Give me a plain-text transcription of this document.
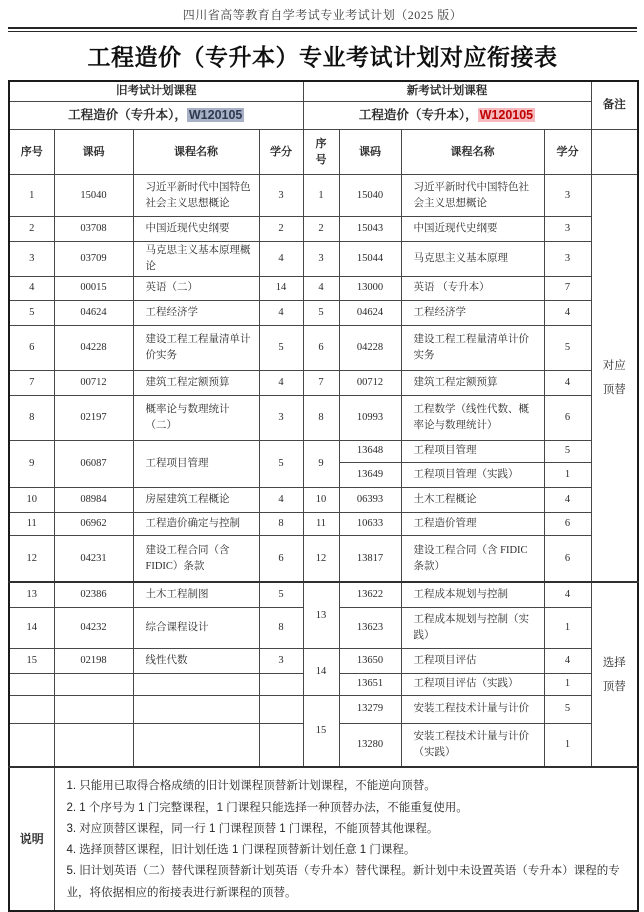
四川省高等教育自学考试专业考试计划（2025 版）
工程造价（专升本）专业考试计划对应衔接表
旧考试计划课程				新考试计划课程				备注
工程造价（专升本）， W120105				工程造价（专升本）， W120105				
序号	课码	课程名称	学分	序号	课码	课程名称	学分	
1	15040	习近平新时代中国特色社会主义思想概论	3	1	15040	习近平新时代中国特色社会主义思想概论	3	对应顶替
2	03708	中国近现代史纲要	2	2	15043	中国近现代史纲要	3	
3	03709	马克思主义基本原理概论	4	3	15044	马克思主义基本原理	3	
4	00015	英语（二）	14	4	13000	英语 （专升本）	7	
5	04624	工程经济学	4	5	04624	工程经济学	4	
6	04228	建设工程工程量清单计价实务	5	6	04228	建设工程工程量清单计价实务	5	
7	00712	建筑工程定额预算	4	7	00712	建筑工程定额预算	4	
8	02197	概率论与数理统计（二）	3	8	10993	工程数学（线性代数、概率论与数理统计）	6	
9	06087	工程项目管理	5	9	13648	工程项目管理	5	
					13649	工程项目管理（实践）	1	
10	08984	房屋建筑工程概论	4	10	06393	土木工程概论	4	
11	06962	工程造价确定与控制	8	11	10633	工程造价管理	6	
12	04231	建设工程合同（含 FIDIC）条款	6	12	13817	建设工程合同（含 FIDIC 条款）	6	
13	02386	土木工程制图	5	13	13622	工程成本规划与控制	4	选择顶替
14	04232	综合课程设计	8		13623	工程成本规划与控制（实践）	1	
15	02198	线性代数	3	14	13650	工程项目评估	4	
					13651	工程项目评估（实践）	1	
				15	13279	安装工程技术计量与计价	5	
					13280	安装工程技术计量与计价（实践）	1	
说明	1. 只能用已取得合格成绩的旧计划课程顶替新计划课程，不能逆向顶替。
2. 1 个序号为 1 门完整课程，1 门课程只能选择一种顶替办法，不能重复使用。
3. 对应顶替区课程，同一行 1 门课程顶替 1 门课程，不能顶替其他课程。
4. 选择顶替区课程，旧计划任选 1 门课程顶替新计划任意 1 门课程。
5. 旧计划英语（二）替代课程顶替新计划英语（专升本）替代课程。新计划中未设置英语（专升本）课程的专业，将依据相应的衔接表进行新课程的顶替。							
